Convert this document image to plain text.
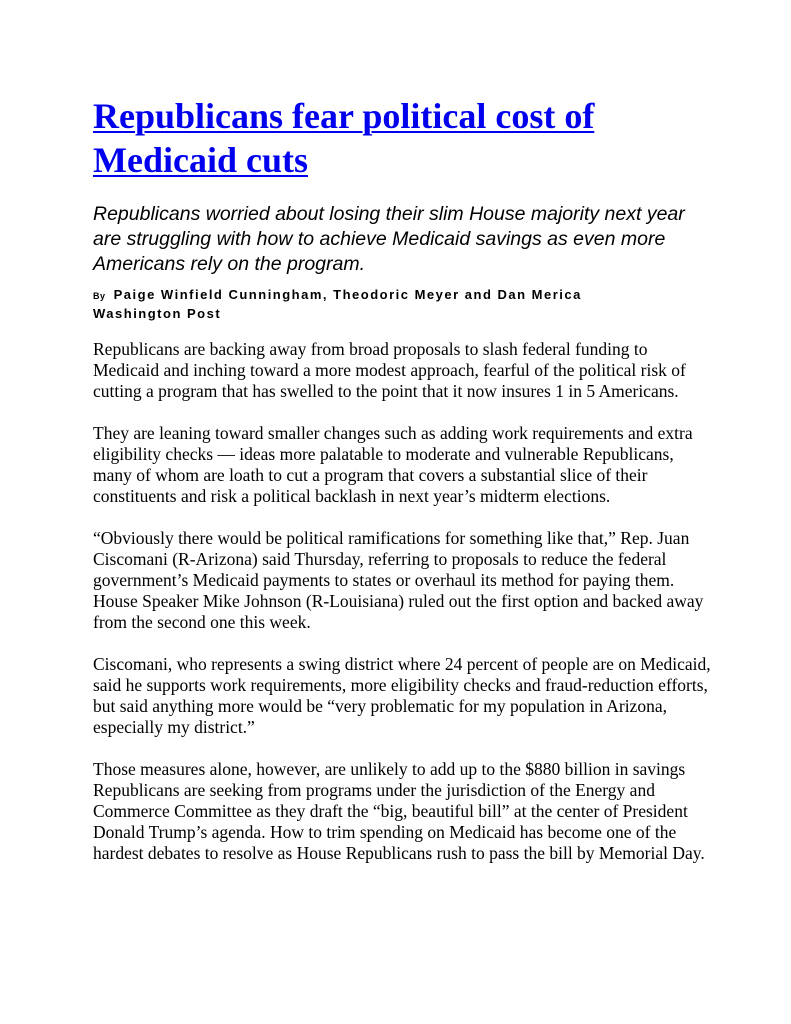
Republicans fear political cost of Medicaid cuts

Republicans worried about losing their slim House majority next year are struggling with how to achieve Medicaid savings as even more Americans rely on the program.

By Paige Winfield Cunningham, Theodoric Meyer and Dan Merica
Washington Post

Republicans are backing away from broad proposals to slash federal funding to Medicaid and inching toward a more modest approach, fearful of the political risk of cutting a program that has swelled to the point that it now insures 1 in 5 Americans.

They are leaning toward smaller changes such as adding work requirements and extra eligibility checks — ideas more palatable to moderate and vulnerable Republicans, many of whom are loath to cut a program that covers a substantial slice of their constituents and risk a political backlash in next year’s midterm elections.

“Obviously there would be political ramifications for something like that,” Rep. Juan Ciscomani (R-Arizona) said Thursday, referring to proposals to reduce the federal government’s Medicaid payments to states or overhaul its method for paying them. House Speaker Mike Johnson (R-Louisiana) ruled out the first option and backed away from the second one this week.

Ciscomani, who represents a swing district where 24 percent of people are on Medicaid, said he supports work requirements, more eligibility checks and fraud-reduction efforts, but said anything more would be “very problematic for my population in Arizona, especially my district.”

Those measures alone, however, are unlikely to add up to the $880 billion in savings Republicans are seeking from programs under the jurisdiction of the Energy and Commerce Committee as they draft the “big, beautiful bill” at the center of President Donald Trump’s agenda. How to trim spending on Medicaid has become one of the hardest debates to resolve as House Republicans rush to pass the bill by Memorial Day.
